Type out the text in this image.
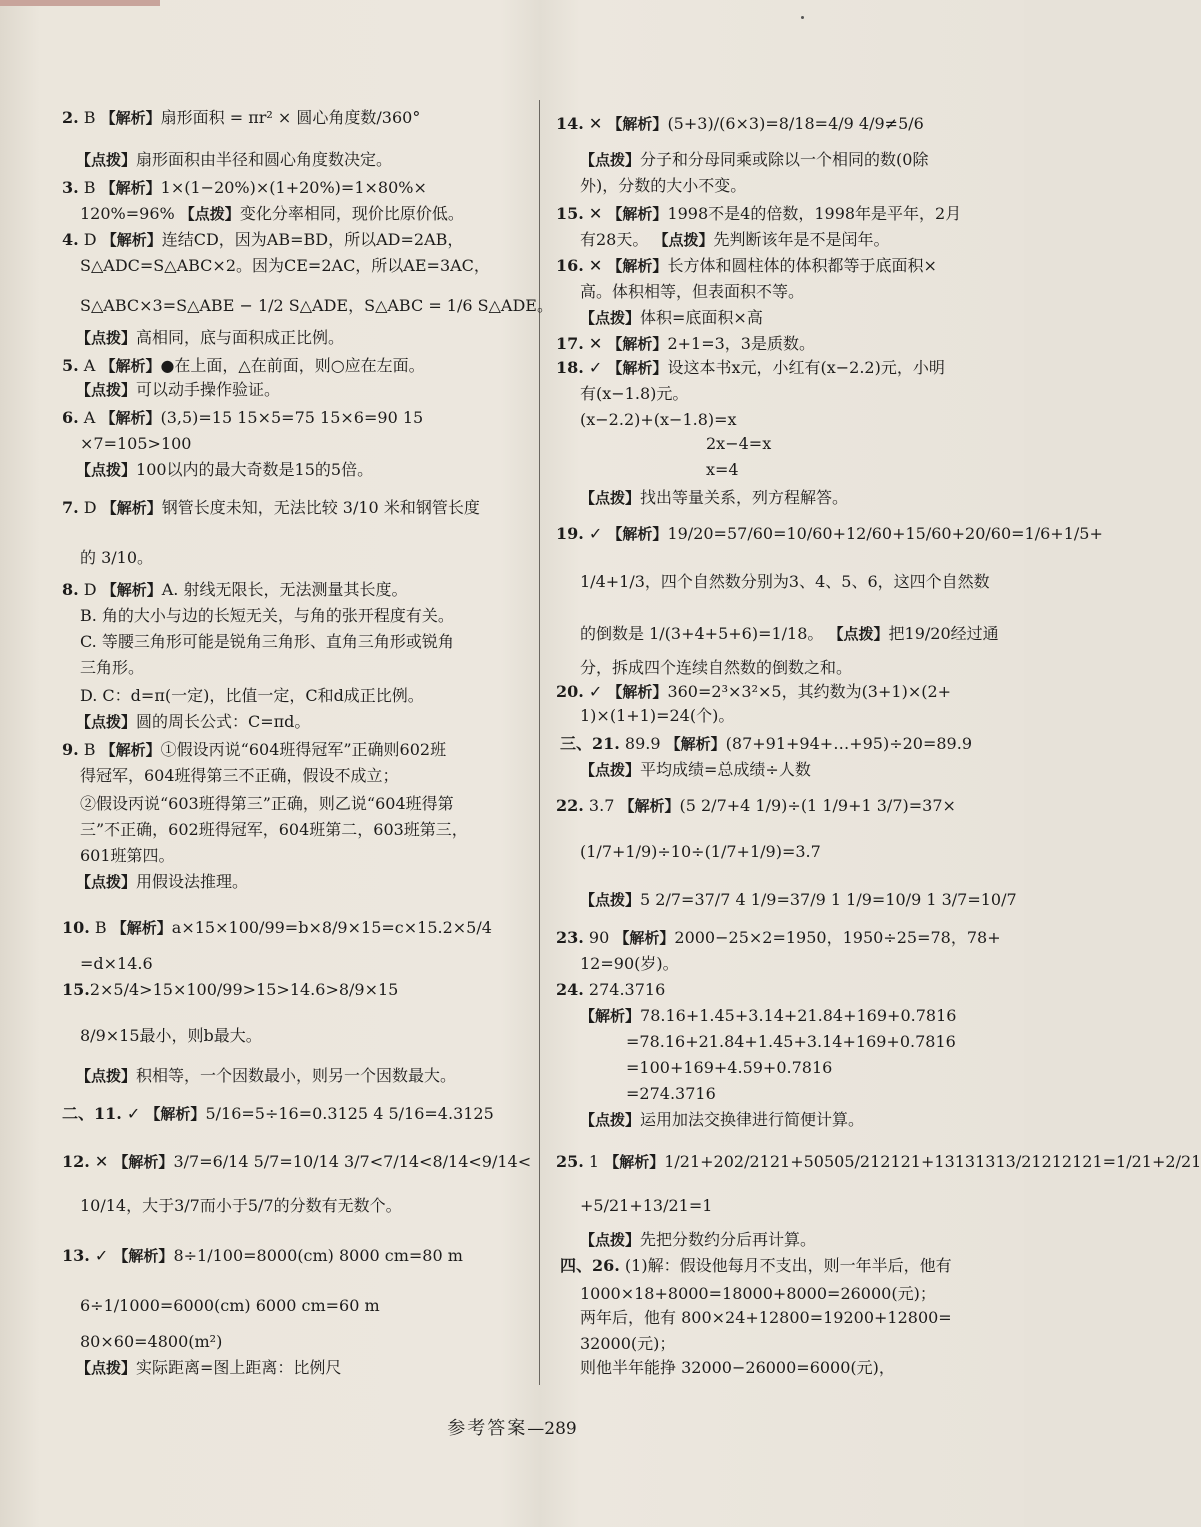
2. B 【解析】扇形面积 = πr² × 圆心角度数/360°
【点拨】扇形面积由半径和圆心角度数决定。
3. B 【解析】1×(1−20%)×(1+20%)=1×80%×
120%=96% 【点拨】变化分率相同，现价比原价低。
4. D 【解析】连结CD，因为AB=BD，所以AD=2AB，
S△ADC=S△ABC×2。因为CE=2AC，所以AE=3AC，
S△ABC×3=S△ABE − 1/2 S△ADE，S△ABC = 1/6 S△ADE。
【点拨】高相同，底与面积成正比例。
5. A 【解析】●在上面，△在前面，则○应在左面。
【点拨】可以动手操作验证。
6. A 【解析】(3,5)=15 15×5=75 15×6=90 15
×7=105>100
【点拨】100以内的最大奇数是15的5倍。
7. D 【解析】钢管长度未知，无法比较 3/10 米和钢管长度
的 3/10。
8. D 【解析】A. 射线无限长，无法测量其长度。
B. 角的大小与边的长短无关，与角的张开程度有关。
C. 等腰三角形可能是锐角三角形、直角三角形或锐角
三角形。
D. C：d=π(一定)，比值一定，C和d成正比例。
【点拨】圆的周长公式：C=πd。
9. B 【解析】①假设丙说“604班得冠军”正确则602班
得冠军，604班得第三不正确，假设不成立；
②假设丙说“603班得第三”正确，则乙说“604班得第
三”不正确，602班得冠军，604班第二，603班第三，
601班第四。
【点拨】用假设法推理。
10. B 【解析】a×15×100/99=b×8/9×15=c×15.2×5/4
=d×14.6
15.2×5/4>15×100/99>15>14.6>8/9×15
8/9×15最小，则b最大。
【点拨】积相等，一个因数最小，则另一个因数最大。
二、11. ✓ 【解析】5/16=5÷16=0.3125 4 5/16=4.3125
12. ✕ 【解析】3/7=6/14 5/7=10/14 3/7<7/14<8/14<9/14<
10/14，大于3/7而小于5/7的分数有无数个。
13. ✓ 【解析】8÷1/100=8000(cm) 8000 cm=80 m
6÷1/1000=6000(cm) 6000 cm=60 m
80×60=4800(m²)
【点拨】实际距离=图上距离：比例尺
14. ✕ 【解析】(5+3)/(6×3)=8/18=4/9 4/9≠5/6
【点拨】分子和分母同乘或除以一个相同的数(0除
外)，分数的大小不变。
15. ✕ 【解析】1998不是4的倍数，1998年是平年，2月
有28天。 【点拨】先判断该年是不是闰年。
16. ✕ 【解析】长方体和圆柱体的体积都等于底面积×
高。体积相等，但表面积不等。
【点拨】体积=底面积×高
17. ✕ 【解析】2+1=3，3是质数。
18. ✓ 【解析】设这本书x元，小红有(x−2.2)元，小明
有(x−1.8)元。
(x−2.2)+(x−1.8)=x
2x−4=x
x=4
【点拨】找出等量关系，列方程解答。
19. ✓ 【解析】19/20=57/60=10/60+12/60+15/60+20/60=1/6+1/5+
1/4+1/3，四个自然数分别为3、4、5、6，这四个自然数
的倒数是 1/(3+4+5+6)=1/18。 【点拨】把19/20经过通
分，拆成四个连续自然数的倒数之和。
20. ✓ 【解析】360=2³×3²×5，其约数为(3+1)×(2+
1)×(1+1)=24(个)。
三、21. 89.9 【解析】(87+91+94+…+95)÷20=89.9
【点拨】平均成绩=总成绩÷人数
22. 3.7 【解析】(5 2/7+4 1/9)÷(1 1/9+1 3/7)=37×
(1/7+1/9)÷10÷(1/7+1/9)=3.7
【点拨】5 2/7=37/7 4 1/9=37/9 1 1/9=10/9 1 3/7=10/7
23. 90 【解析】2000−25×2=1950，1950÷25=78，78+
12=90(岁)。
24. 274.3716
【解析】78.16+1.45+3.14+21.84+169+0.7816
=78.16+21.84+1.45+3.14+169+0.7816
=100+169+4.59+0.7816
=274.3716
【点拨】运用加法交换律进行简便计算。
25. 1 【解析】1/21+202/2121+50505/212121+13131313/21212121=1/21+2/21
+5/21+13/21=1
【点拨】先把分数约分后再计算。
四、26. (1)解：假设他每月不支出，则一年半后，他有
1000×18+8000=18000+8000=26000(元)；
两年后，他有 800×24+12800=19200+12800=
32000(元)；
则他半年能挣 32000−26000=6000(元)，
参考答案—289
